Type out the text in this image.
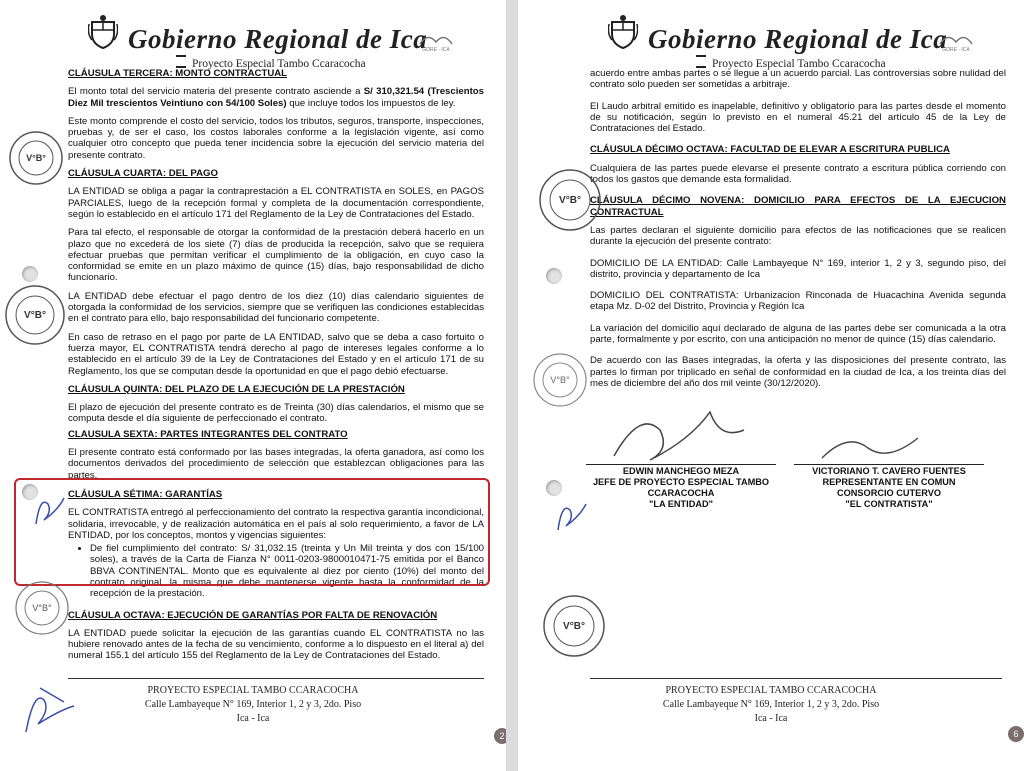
Gobierno Regional de Ica
Proyecto Especial Tambo Ccaracocha
GORE · ICA

CLÁUSULA TERCERA: MONTO CONTRACTUAL

El monto total del servicio materia del presente contrato asciende a S/ 310,321.54 (Trescientos Diez Mil trescientos Veintiuno con 54/100 Soles) que incluye todos los impuestos de ley.

Este monto comprende el costo del servicio, todos los tributos, seguros, transporte, inspecciones, pruebas y, de ser el caso, los costos laborales conforme a la legislación vigente, así como cualquier otro concepto que pueda tener incidencia sobre la ejecución del servicio materia del presente contrato.

CLÁUSULA CUARTA: DEL PAGO

LA ENTIDAD se obliga a pagar la contraprestación a EL CONTRATISTA en SOLES, en PAGOS PARCIALES, luego de la recepción formal y completa de la documentación correspondiente, según lo establecido en el artículo 171 del Reglamento de la Ley de Contrataciones del Estado.

Para tal efecto, el responsable de otorgar la conformidad de la prestación deberá hacerlo en un plazo que no excederá de los siete (7) días de producida la recepción, salvo que se requiera efectuar pruebas que permitan verificar el cumplimiento de la obligación, en cuyo caso la conformidad se emite en un plazo máximo de quince (15) días, bajo responsabilidad de dicho funcionario.

LA ENTIDAD debe efectuar el pago dentro de los diez (10) días calendario siguientes de otorgada la conformidad de los servicios, siempre que se verifiquen las condiciones establecidas en el contrato para ello, bajo responsabilidad del funcionario competente.

En caso de retraso en el pago por parte de LA ENTIDAD, salvo que se deba a caso fortuito o fuerza mayor, EL CONTRATISTA tendrá derecho al pago de intereses legales conforme a lo establecido en el artículo 39 de la Ley de Contrataciones del Estado y en el artículo 171 de su Reglamento, los que se computan desde la oportunidad en que el pago debió efectuarse.

CLÁUSULA QUINTA: DEL PLAZO DE LA EJECUCIÓN DE LA PRESTACIÓN

El plazo de ejecución del presente contrato es de Treinta (30) días calendarios, el mismo que se computa desde el día siguiente de perfeccionado el contrato.

CLAUSULA SEXTA: PARTES INTEGRANTES DEL CONTRATO

El presente contrato está conformado por las bases integradas, la oferta ganadora, así como los documentos derivados del procedimiento de selección que establezcan obligaciones para las partes.

CLÁUSULA SÉTIMA: GARANTÍAS

EL CONTRATISTA entregó al perfeccionamiento del contrato la respectiva garantía incondicional, solidaria, irrevocable, y de realización automática en el país al solo requerimiento, a favor de LA ENTIDAD, por los conceptos, montos y vigencias siguientes:

• De fiel cumplimiento del contrato: S/ 31,032.15 (treinta y Un Mil treinta y dos con 15/100 soles), a través de la Carta de Fianza N° 0011-0203-9800010471-75 emitida por el Banco BBVA CONTINENTAL. Monto que es equivalente al diez por ciento (10%) del monto del contrato original, la misma que debe mantenerse vigente hasta la conformidad de la recepción de la prestación.

CLÁUSULA OCTAVA: EJECUCIÓN DE GARANTÍAS POR FALTA DE RENOVACIÓN

LA ENTIDAD puede solicitar la ejecución de las garantías cuando EL CONTRATISTA no las hubiere renovado antes de la fecha de su vencimiento, conforme a lo dispuesto en el literal a) del numeral 155.1 del artículo 155 del Reglamento de la Ley de Contrataciones del Estado.

V°B°
V°B°
V°B°
PROYECTO ESPECIAL TAMBO CCARACOCHA
Calle Lambayeque N° 169, Interior 1, 2 y 3, 2do. Piso
Ica - Ica
2
Gobierno Regional de Ica
Proyecto Especial Tambo Ccaracocha
GORE · ICA

acuerdo entre ambas partes o se llegue a un acuerdo parcial. Las controversias sobre nulidad del contrato solo pueden ser sometidas a arbitraje.

El Laudo arbitral emitido es inapelable, definitivo y obligatorio para las partes desde el momento de su notificación, según lo previsto en el numeral 45.21 del artículo 45 de la Ley de Contrataciones del Estado.

CLÁUSULA DÉCIMO OCTAVA: FACULTAD DE ELEVAR A ESCRITURA PUBLICA

Cualquiera de las partes puede elevarse el presente contrato a escritura pública corriendo con todos los gastos que demande esta formalidad.

CLÁUSULA DÉCIMO NOVENA: DOMICILIO PARA EFECTOS DE LA EJECUCION CONTRACTUAL

Las partes declaran el siguiente domicilio para efectos de las notificaciones que se realicen durante la ejecución del presente contrato:

DOMICILIO DE LA ENTIDAD: Calle Lambayeque N° 169, interior 1, 2 y 3, segundo piso, del distrito, provincia y departamento de Ica

DOMICILIO DEL CONTRATISTA: Urbanizacion Rinconada de Huacachina Avenida segunda etapa Mz. D-02 del Distrito, Provincia y Región Ica

La variación del domicilio aquí declarado de alguna de las partes debe ser comunicada a la otra parte, formalmente y por escrito, con una anticipación no menor de quince (15) días calendario.

De acuerdo con las Bases integradas, la oferta y las disposiciones del presente contrato, las partes lo firman por triplicado en señal de conformidad en la ciudad de Ica, a los treinta días del mes de diciembre del año dos mil veinte (30/12/2020).

V°B°
V°B°
V°B°
EDWIN MANCHEGO MEZA
JEFE DE PROYECTO ESPECIAL TAMBO
CCARACOCHA
"LA ENTIDAD"
VICTORIANO T. CAVERO FUENTES
REPRESENTANTE EN COMUN
CONSORCIO CUTERVO
"EL CONTRATISTA"
PROYECTO ESPECIAL TAMBO CCARACOCHA
Calle Lambayeque N° 169, Interior 1, 2 y 3, 2do. Piso
Ica - Ica
6
